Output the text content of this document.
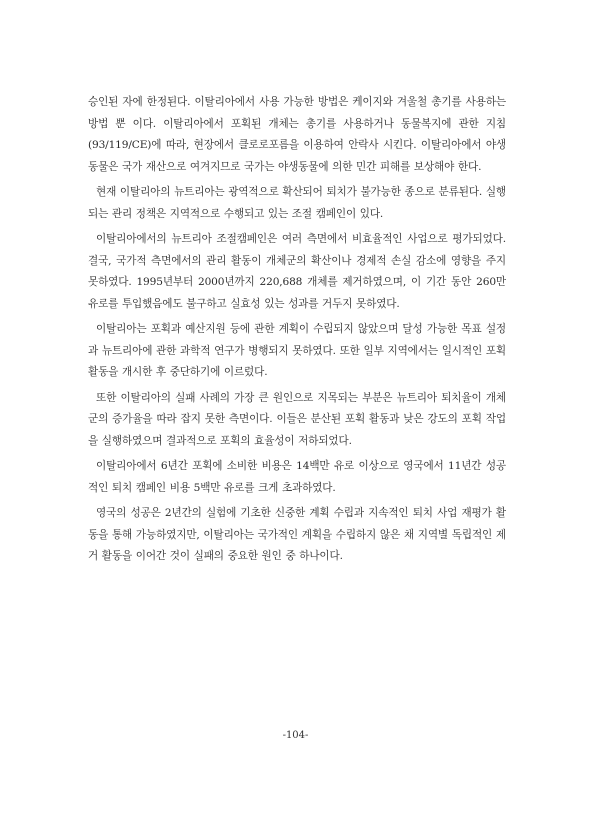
승인된 자에 한정된다. 이탈리아에서 사용 가능한 방법은 케이지와 겨울철 총기를 사용하는 방법 뿐 이다. 이탈리아에서 포획된 개체는 총기를 사용하거나 동물복지에 관한 지침(93/119/CE)에 따라, 현장에서 클로로포름을 이용하여 안락사 시킨다. 이탈리아에서 야생동물은 국가 재산으로 여겨지므로 국가는 야생동물에 의한 민간 피해를 보상해야 한다.

현재 이탈리아의 뉴트리아는 광역적으로 확산되어 퇴치가 불가능한 종으로 분류된다. 실행되는 관리 정책은 지역적으로 수행되고 있는 조절 캠페인이 있다.

이탈리아에서의 뉴트리아 조절캠페인은 여러 측면에서 비효율적인 사업으로 평가되었다. 결국, 국가적 측면에서의 관리 활동이 개체군의 확산이나 경제적 손실 감소에 영향을 주지 못하였다. 1995년부터 2000년까지 220,688 개체를 제거하였으며, 이 기간 동안 260만 유로를 투입했음에도 불구하고 실효성 있는 성과를 거두지 못하였다.

이탈리아는 포획과 예산지원 등에 관한 계획이 수립되지 않았으며 달성 가능한 목표 설정과 뉴트리아에 관한 과학적 연구가 병행되지 못하였다. 또한 일부 지역에서는 일시적인 포획 활동을 개시한 후 중단하기에 이르렀다.

또한 이탈리아의 실패 사례의 가장 큰 원인으로 지목되는 부분은 뉴트리아 퇴치율이 개체군의 증가율을 따라 잡지 못한 측면이다. 이들은 분산된 포획 활동과 낮은 강도의 포획 작업을 실행하였으며 결과적으로 포획의 효율성이 저하되었다.

이탈리아에서 6년간 포획에 소비한 비용은 14백만 유로 이상으로 영국에서 11년간 성공적인 퇴치 캠페인 비용 5백만 유로를 크게 초과하였다.

영국의 성공은 2년간의 실험에 기초한 신중한 계획 수립과 지속적인 퇴치 사업 재평가 활동을 통해 가능하였지만, 이탈리아는 국가적인 계획을 수립하지 않은 채 지역별 독립적인 제거 활동을 이어간 것이 실패의 중요한 원인 중 하나이다.

-104-
